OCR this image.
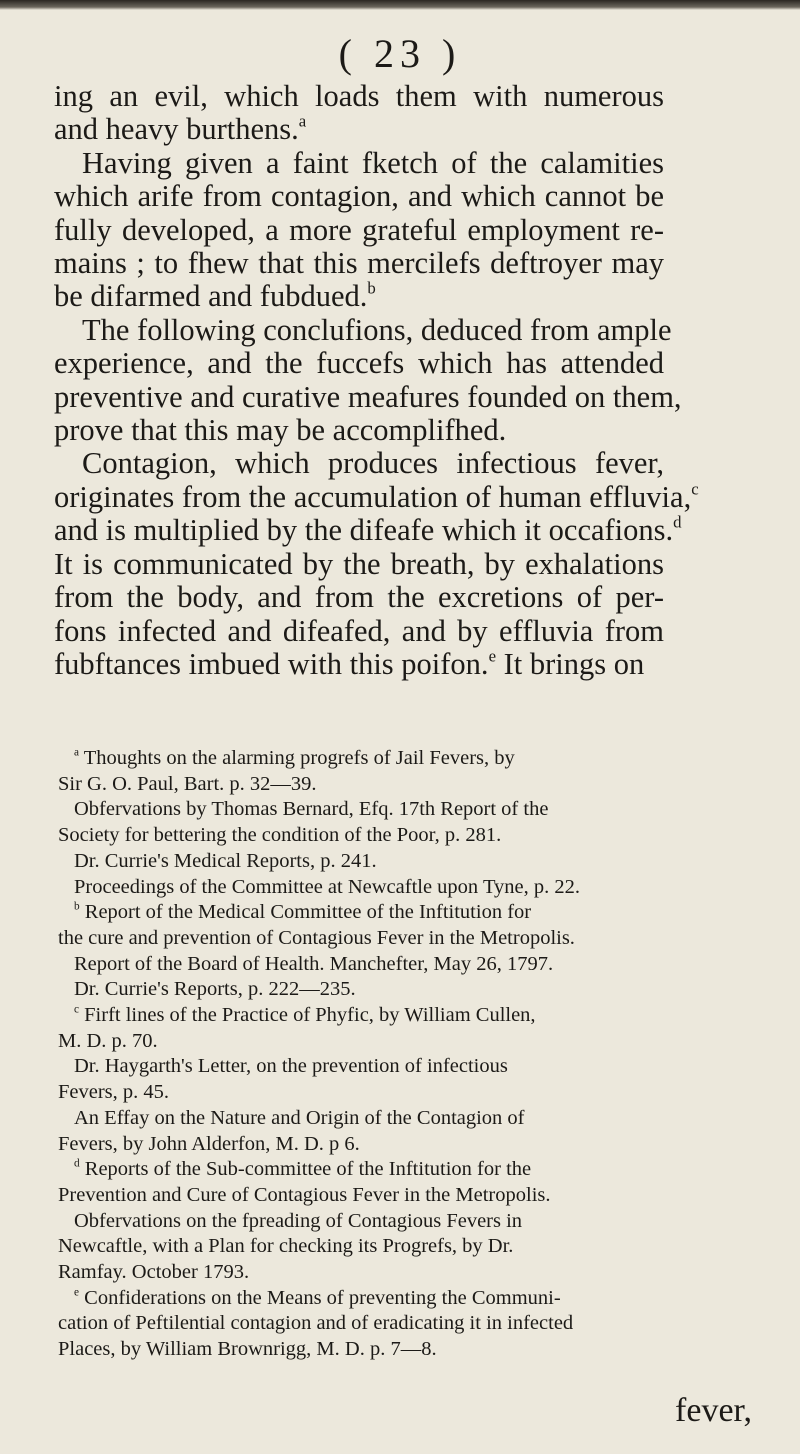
( 23 )
ing an evil, which loads them with numerous
and heavy burthens.$^a$
Having given a faint fketch of the calamities
which arife from contagion, and which cannot be
fully developed, a more grateful employment re-
mains ; to fhew that this mercilefs deftroyer may
be difarmed and fubdued.$^b$
The following conclufions, deduced from ample
experience, and the fuccefs which has attended
preventive and curative meafures founded on them,
prove that this may be accomplifhed.
Contagion, which produces infectious fever,
originates from the accumulation of human effluvia,$^c$
and is multiplied by the difeafe which it occafions.$^d$
It is communicated by the breath, by exhalations
from the body, and from the excretions of per-
fons infected and difeafed, and by effluvia from
fubftances imbued with this poifon.$^e$ It brings on
$^a$ Thoughts on the alarming progrefs of Jail Fevers, by
Sir G. O. Paul, Bart. p. 32—39.
Obfervations by Thomas Bernard, Efq. 17th Report of the
Society for bettering the condition of the Poor, p. 281.
Dr. Currie's Medical Reports, p. 241.
Proceedings of the Committee at Newcaftle upon Tyne, p. 22.
$^b$ Report of the Medical Committee of the Inftitution for
the cure and prevention of Contagious Fever in the Metropolis.
Report of the Board of Health. Manchefter, May 26, 1797.
Dr. Currie's Reports, p. 222—235.
$^c$ Firft lines of the Practice of Phyfic, by William Cullen,
M. D. p. 70.
Dr. Haygarth's Letter, on the prevention of infectious
Fevers, p. 45.
An Effay on the Nature and Origin of the Contagion of
Fevers, by John Alderfon, M. D. p 6.
$^d$ Reports of the Sub-committee of the Inftitution for the
Prevention and Cure of Contagious Fever in the Metropolis.
Obfervations on the fpreading of Contagious Fevers in
Newcaftle, with a Plan for checking its Progrefs, by Dr.
Ramfay. October 1793.
$^e$ Confiderations on the Means of preventing the Communi-
cation of Peftilential contagion and of eradicating it in infected
Places, by William Brownrigg, M. D. p. 7—8.
fever,
